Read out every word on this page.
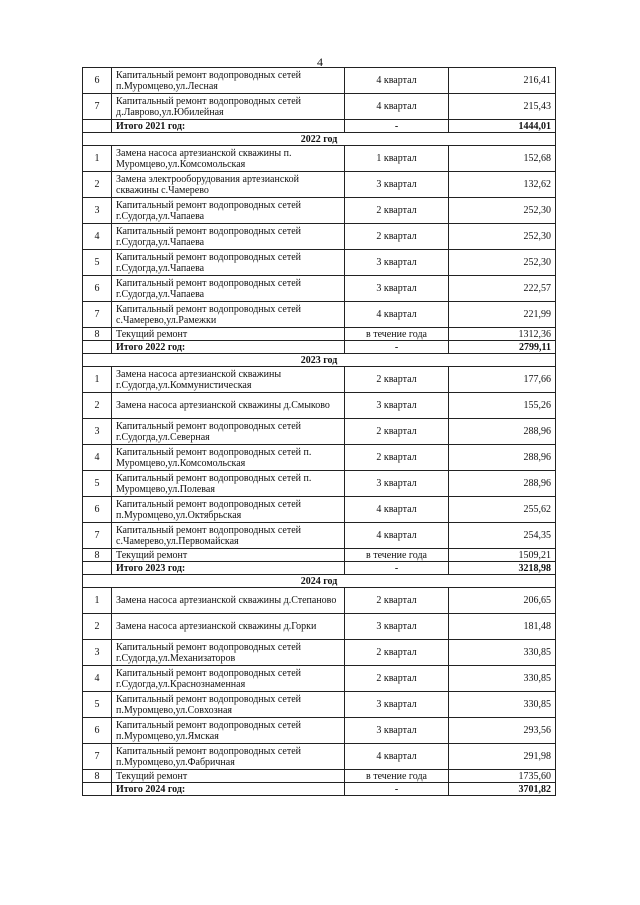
4
6	Капитальный ремонт водопроводных сетей п.Муромцево,ул.Лесная	4 квартал	216,41
7	Капитальный ремонт водопроводных сетей д.Лаврово,ул.Юбилейная	4 квартал	215,43
	Итого 2021 год:	-	1444,01
2022 год			
1	Замена насоса артезианской скважины п. Муромцево,ул.Комсомольская	1 квартал	152,68
2	Замена электрооборудования артезианской скважины с.Чамерево	3 квартал	132,62
3	Капитальный ремонт водопроводных сетей г.Судогда,ул.Чапаева	2 квартал	252,30
4	Капитальный ремонт водопроводных сетей г.Судогда,ул.Чапаева	2 квартал	252,30
5	Капитальный ремонт водопроводных сетей г.Судогда,ул.Чапаева	3 квартал	252,30
6	Капитальный ремонт водопроводных сетей г.Судогда,ул.Чапаева	3 квартал	222,57
7	Капитальный ремонт водопроводных сетей с.Чамерево,ул.Рамежки	4 квартал	221,99
8	Текущий ремонт	в течение года	1312,36
	Итого 2022 год:	-	2799,11
2023 год			
1	Замена насоса артезианской скважины г.Судогда,ул.Коммунистическая	2 квартал	177,66
2	Замена насоса артезианской скважины д.Смыково	3 квартал	155,26
3	Капитальный ремонт водопроводных сетей г.Судогда,ул.Северная	2 квартал	288,96
4	Капитальный ремонт водопроводных сетей п. Муромцево,ул.Комсомольская	2 квартал	288,96
5	Капитальный ремонт водопроводных сетей п. Муромцево,ул.Полевая	3 квартал	288,96
6	Капитальный ремонт водопроводных сетей п.Муромцево,ул.Октябрьская	4 квартал	255,62
7	Капитальный ремонт водопроводных сетей с.Чамерево,ул.Первомайская	4 квартал	254,35
8	Текущий ремонт	в течение года	1509,21
	Итого 2023 год:	-	3218,98
2024 год			
1	Замена насоса артезианской скважины д.Степаново	2 квартал	206,65
2	Замена насоса артезианской скважины д.Горки	3 квартал	181,48
3	Капитальный ремонт водопроводных сетей г.Судогда,ул.Механизаторов	2 квартал	330,85
4	Капитальный ремонт водопроводных сетей г.Судогда,ул.Краснознаменная	2 квартал	330,85
5	Капитальный ремонт водопроводных сетей п.Муромцево,ул.Совхозная	3 квартал	330,85
6	Капитальный ремонт водопроводных сетей п.Муромцево,ул.Ямская	3 квартал	293,56
7	Капитальный ремонт водопроводных сетей п.Муромцево,ул.Фабричная	4 квартал	291,98
8	Текущий ремонт	в течение года	1735,60
	Итого 2024 год:	-	3701,82
